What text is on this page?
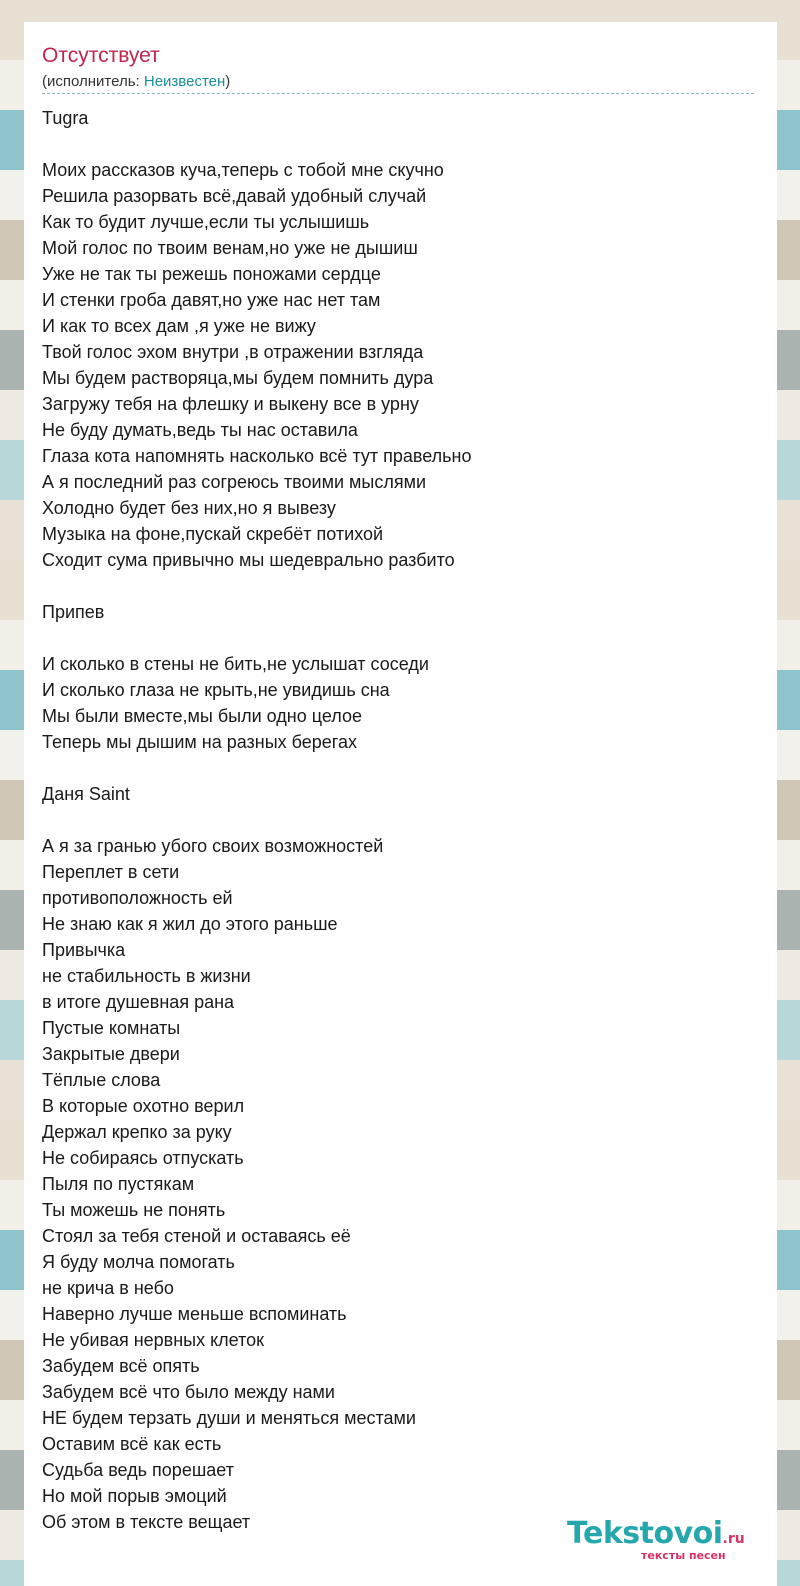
Отсутствует
(исполнитель: Неизвестен)
Tugra
Моих рассказов куча,теперь с тобой мне скучно
Решила разорвать всё,давай удобный случай
Как то будит лучше,если ты услышишь
Мой голос по твоим венам,но уже не дышиш
Уже не так ты режешь поножами сердце
И стенки гроба давят,но уже нас нет там
И как то всех дам ,я уже не вижу
Твой голос эхом внутри ,в отражении взгляда
Мы будем растворяца,мы будем помнить дура
Загружу тебя на флешку и выкену все в урну
Не буду думать,ведь ты нас оставила
Глаза кота напомнять насколько всё тут правельно
А я последний раз согреюсь твоими мыслями
Холодно будет без них,но я вывезу
Музыка на фоне,пускай скребёт потихой
Сходит сума привычно мы шедеврально разбито
Припев
И сколько в стены не бить,не услышат соседи
И сколько глаза не крыть,не увидишь сна
Мы были вместе,мы были одно целое
Теперь мы дышим на разных берегах
Даня Saint
А я за гранью убого своих возможностей
Переплет в сети
противоположность ей
Не знаю как я жил до этого раньше
Привычка
не стабильность в жизни
в итоге душевная рана
Пустые комнаты
Закрытые двери
Тёплые слова
В которые охотно верил
Держал крепко за руку
Не собираясь отпускать
Пыля по пустякам
Ты можешь не понять
Стоял за тебя стеной и оставаясь её
Я буду молча помогать
не крича в небо
Наверно лучше меньше вспоминать
Не убивая нервных клеток
Забудем всё опять
Забудем всё что было между нами
НЕ будем терзать души и меняться местами
Оставим всё как есть
Судьба ведь порешает
Но мой порыв эмоций
Об этом в тексте вещает	Tekstovoi.ru
тексты песен
